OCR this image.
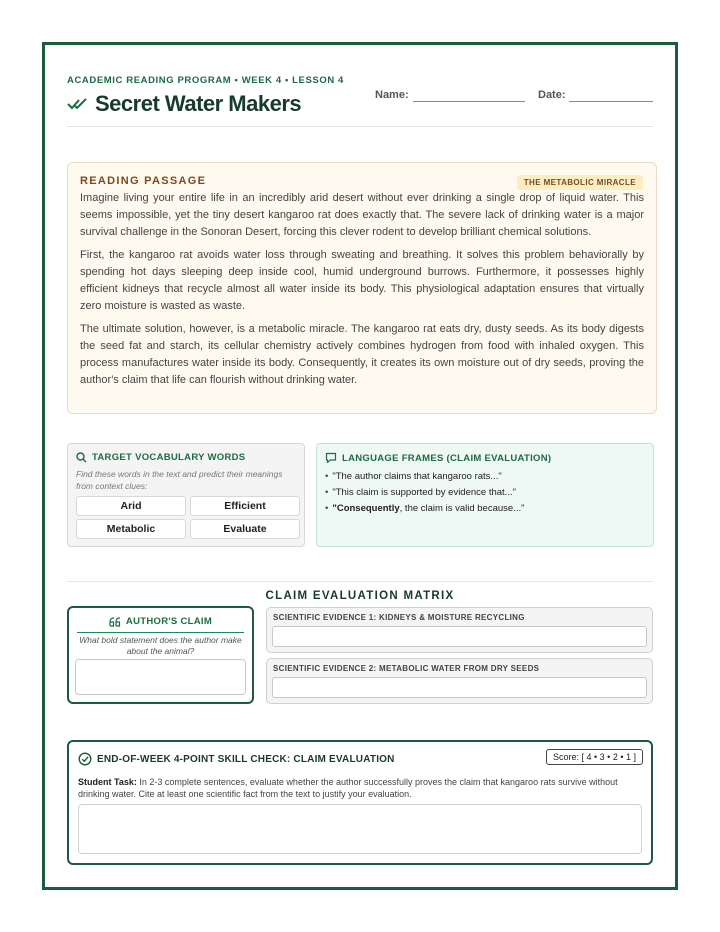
ACADEMIC READING PROGRAM • WEEK 4 • LESSON 4
Secret Water Makers	Name:	Date:
READING PASSAGE	THE METABOLIC MIRACLE

Imagine living your entire life in an incredibly arid desert without ever drinking a single drop of liquid water. This seems impossible, yet the tiny desert kangaroo rat does exactly that. The severe lack of drinking water is a major survival challenge in the Sonoran Desert, forcing this clever rodent to develop brilliant chemical solutions.

First, the kangaroo rat avoids water loss through sweating and breathing. It solves this problem behaviorally by spending hot days sleeping deep inside cool, humid underground burrows. Furthermore, it possesses highly efficient kidneys that recycle almost all water inside its body. This physiological adaptation ensures that virtually zero moisture is wasted as waste.

The ultimate solution, however, is a metabolic miracle. The kangaroo rat eats dry, dusty seeds. As its body digests the seed fat and starch, its cellular chemistry actively combines hydrogen from food with inhaled oxygen. This process manufactures water inside its body. Consequently, it creates its own moisture out of dry seeds, proving the author's claim that life can flourish without drinking water.

TARGET VOCABULARY WORDS
Find these words in the text and predict their meanings from context clues:
Arid	Efficient
Metabolic	Evaluate
LANGUAGE FRAMES (CLAIM EVALUATION)
• "The author claims that kangaroo rats..."
• "This claim is supported by evidence that..."
• "Consequently, the claim is valid because..."
CLAIM EVALUATION MATRIX
AUTHOR'S CLAIM
What bold statement does the author make about the animal?
SCIENTIFIC EVIDENCE 1: KIDNEYS & MOISTURE RECYCLING
SCIENTIFIC EVIDENCE 2: METABOLIC WATER FROM DRY SEEDS
END-OF-WEEK 4-POINT SKILL CHECK: CLAIM EVALUATION	Score: [ 4 • 3 • 2 • 1 ]
Student Task: In 2-3 complete sentences, evaluate whether the author successfully proves the claim that kangaroo rats survive without drinking water. Cite at least one scientific fact from the text to justify your evaluation.
